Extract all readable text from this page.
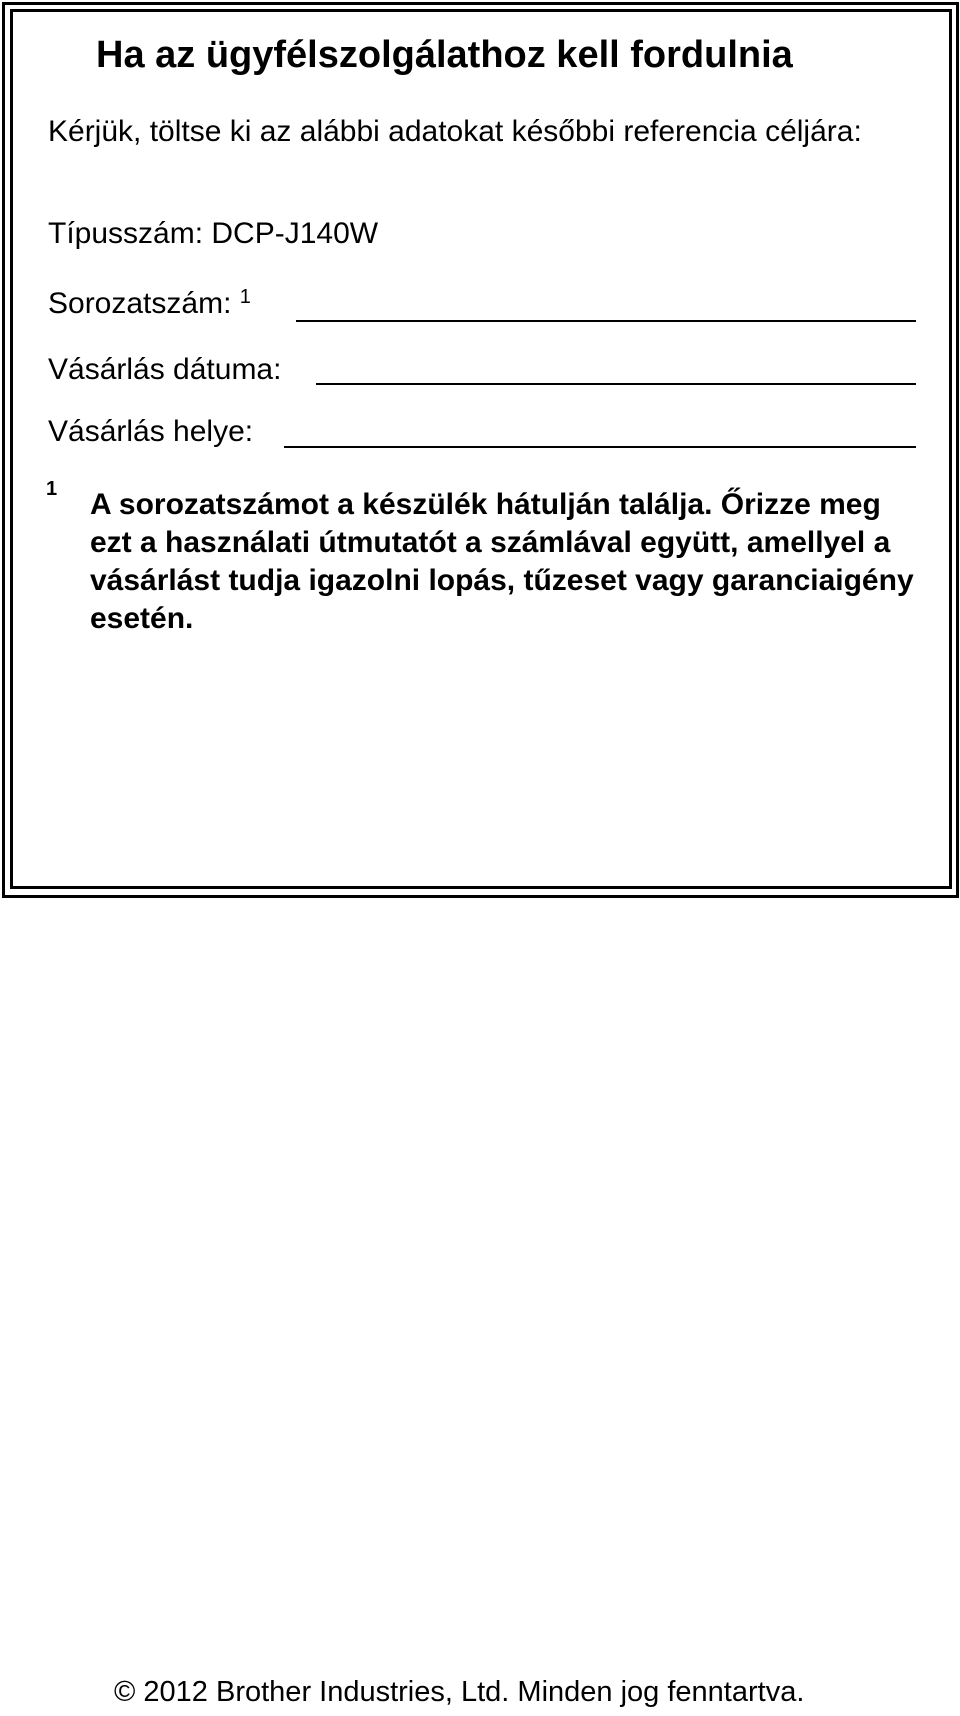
Ha az ügyfélszolgálathoz kell fordulnia
Kérjük, töltse ki az alábbi adatokat későbbi referencia céljára:
Típusszám: DCP-J140W
Sorozatszám: $^1$
Vásárlás dátuma:
Vásárlás helye:
1 A sorozatszámot a készülék hátulján találja. Őrizze meg ezt a használati útmutatót a számlával együtt, amellyel a vásárlást tudja igazolni lopás, tűzeset vagy garanciaigény esetén.
© 2012 Brother Industries, Ltd. Minden jog fenntartva.
